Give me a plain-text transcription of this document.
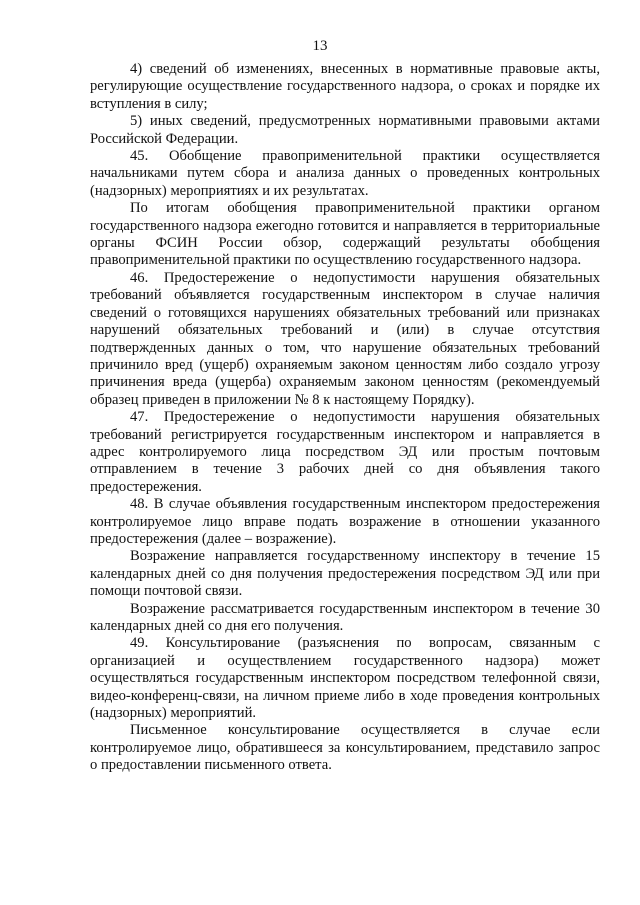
13

4) сведений об изменениях, внесенных в нормативные правовые акты, регулирующие осуществление государственного надзора, о сроках и порядке их вступления в силу;

5) иных сведений, предусмотренных нормативными правовыми актами Российской Федерации.

45. Обобщение правоприменительной практики осуществляется начальниками путем сбора и анализа данных о проведенных контрольных (надзорных) мероприятиях и их результатах.

По итогам обобщения правоприменительной практики органом государственного надзора ежегодно готовится и направляется в территориальные органы ФСИН России обзор, содержащий результаты обобщения правоприменительной практики по осуществлению государственного надзора.

46. Предостережение о недопустимости нарушения обязательных требований объявляется государственным инспектором в случае наличия сведений о готовящихся нарушениях обязательных требований или признаках нарушений обязательных требований и (или) в случае отсутствия подтвержденных данных о том, что нарушение обязательных требований причинило вред (ущерб) охраняемым законом ценностям либо создало угрозу причинения вреда (ущерба) охраняемым законом ценностям (рекомендуемый образец приведен в приложении № 8 к настоящему Порядку).

47. Предостережение о недопустимости нарушения обязательных требований регистрируется государственным инспектором и направляется в адрес контролируемого лица посредством ЭД или простым почтовым отправлением в течение 3 рабочих дней со дня объявления такого предостережения.

48. В случае объявления государственным инспектором предостережения контролируемое лицо вправе подать возражение в отношении указанного предостережения (далее – возражение).

Возражение направляется государственному инспектору в течение 15 календарных дней со дня получения предостережения посредством ЭД или при помощи почтовой связи.

Возражение рассматривается государственным инспектором в течение 30 календарных дней со дня его получения.

49. Консультирование (разъяснения по вопросам, связанным с организацией и осуществлением государственного надзора) может осуществляться государственным инспектором посредством телефонной связи, видео-конференц-связи, на личном приеме либо в ходе проведения контрольных (надзорных) мероприятий.

Письменное консультирование осуществляется в случае если контролируемое лицо, обратившееся за консультированием, представило запрос о предоставлении письменного ответа.
